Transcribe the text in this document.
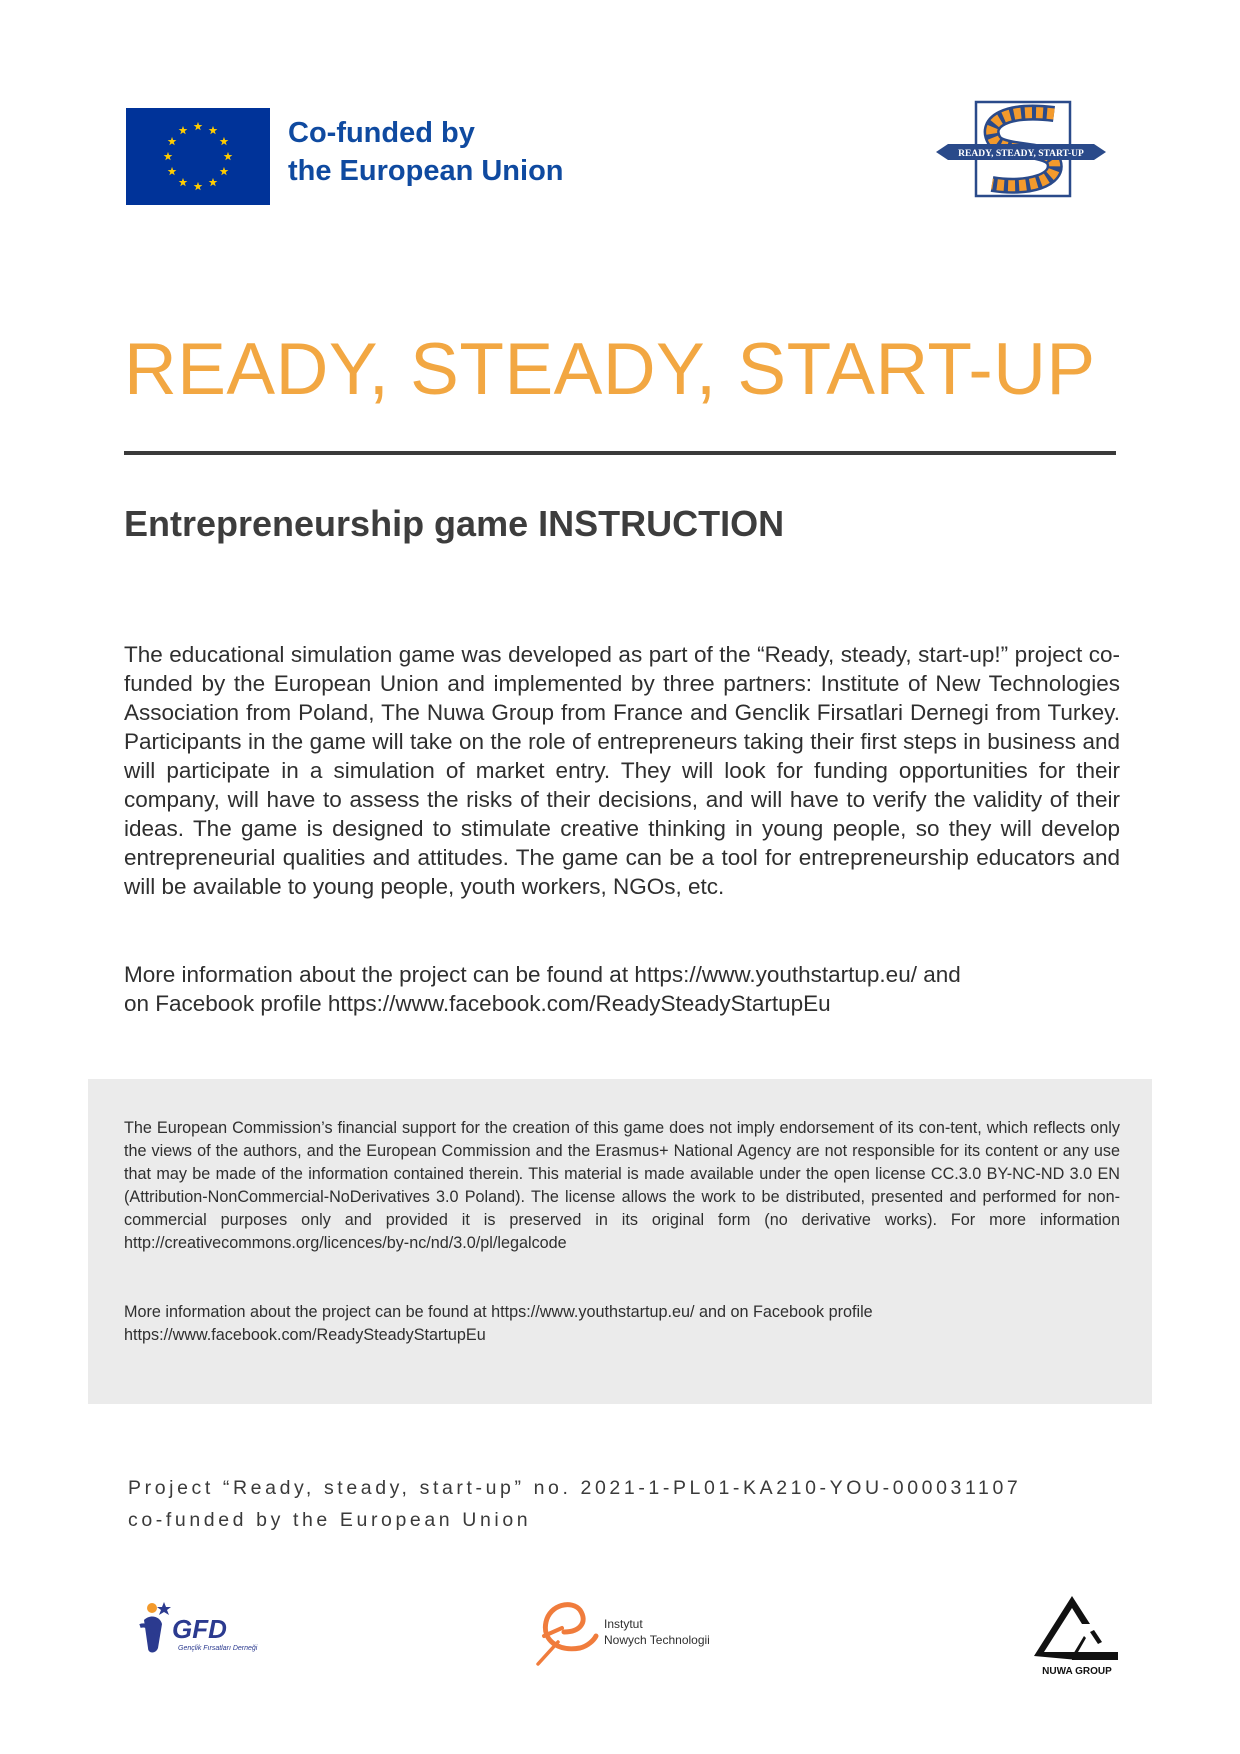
Co-funded by
the European Union
READY, STEADY, START-UP
READY, STEADY, START-UP
Entrepreneurship game INSTRUCTION
The educational simulation game was developed as part of the “Ready, steady, start-up!” project co-funded by the European Union and implemented by three partners: Institute of New Technologies Association from Poland, The Nuwa Group from France and Genclik Firsatlari Dernegi from Turkey. Participants in the game will take on the role of entrepreneurs taking their first steps in business and will participate in a simulation of market entry. They will look for funding opportunities for their company, will have to assess the risks of their decisions, and will have to verify the validity of their ideas. The game is designed to stimulate creative thinking in young people, so they will develop entrepreneurial qualities and attitudes. The game can be a tool for entrepreneurship educators and will be available to young people, youth workers, NGOs, etc.

More information about the project can be found at https://www.youthstartup.eu/ and

on Facebook profile https://www.facebook.com/ReadySteadyStartupEu

The European Commission’s financial support for the creation of this game does not imply endorsement of its con-tent, which reflects only the views of the authors, and the European Commission and the Erasmus+ National Agency are not responsible for its content or any use that may be made of the information contained therein. This material is made available under the open license CC.3.0 BY-NC-ND 3.0 EN (Attribution-NonCommercial-NoDerivatives 3.0 Poland). The license allows the work to be distributed, presented and performed for non-commercial purposes only and provided it is preserved in its original form (no derivative works). For more information http://creativecommons.org/licences/by-nc/nd/3.0/pl/legalcode

More information about the project can be found at https://www.youthstartup.eu/ and on Facebook profile https://www.facebook.com/ReadySteadyStartupEu

Project “Ready, steady, start-up” no. 2021-1-PL01-KA210-YOU-000031107
co-funded by the European Union
GFD
Gençlik Fırsatları Derneği
Instytut
Nowych Technologii
NUWA GROUP
